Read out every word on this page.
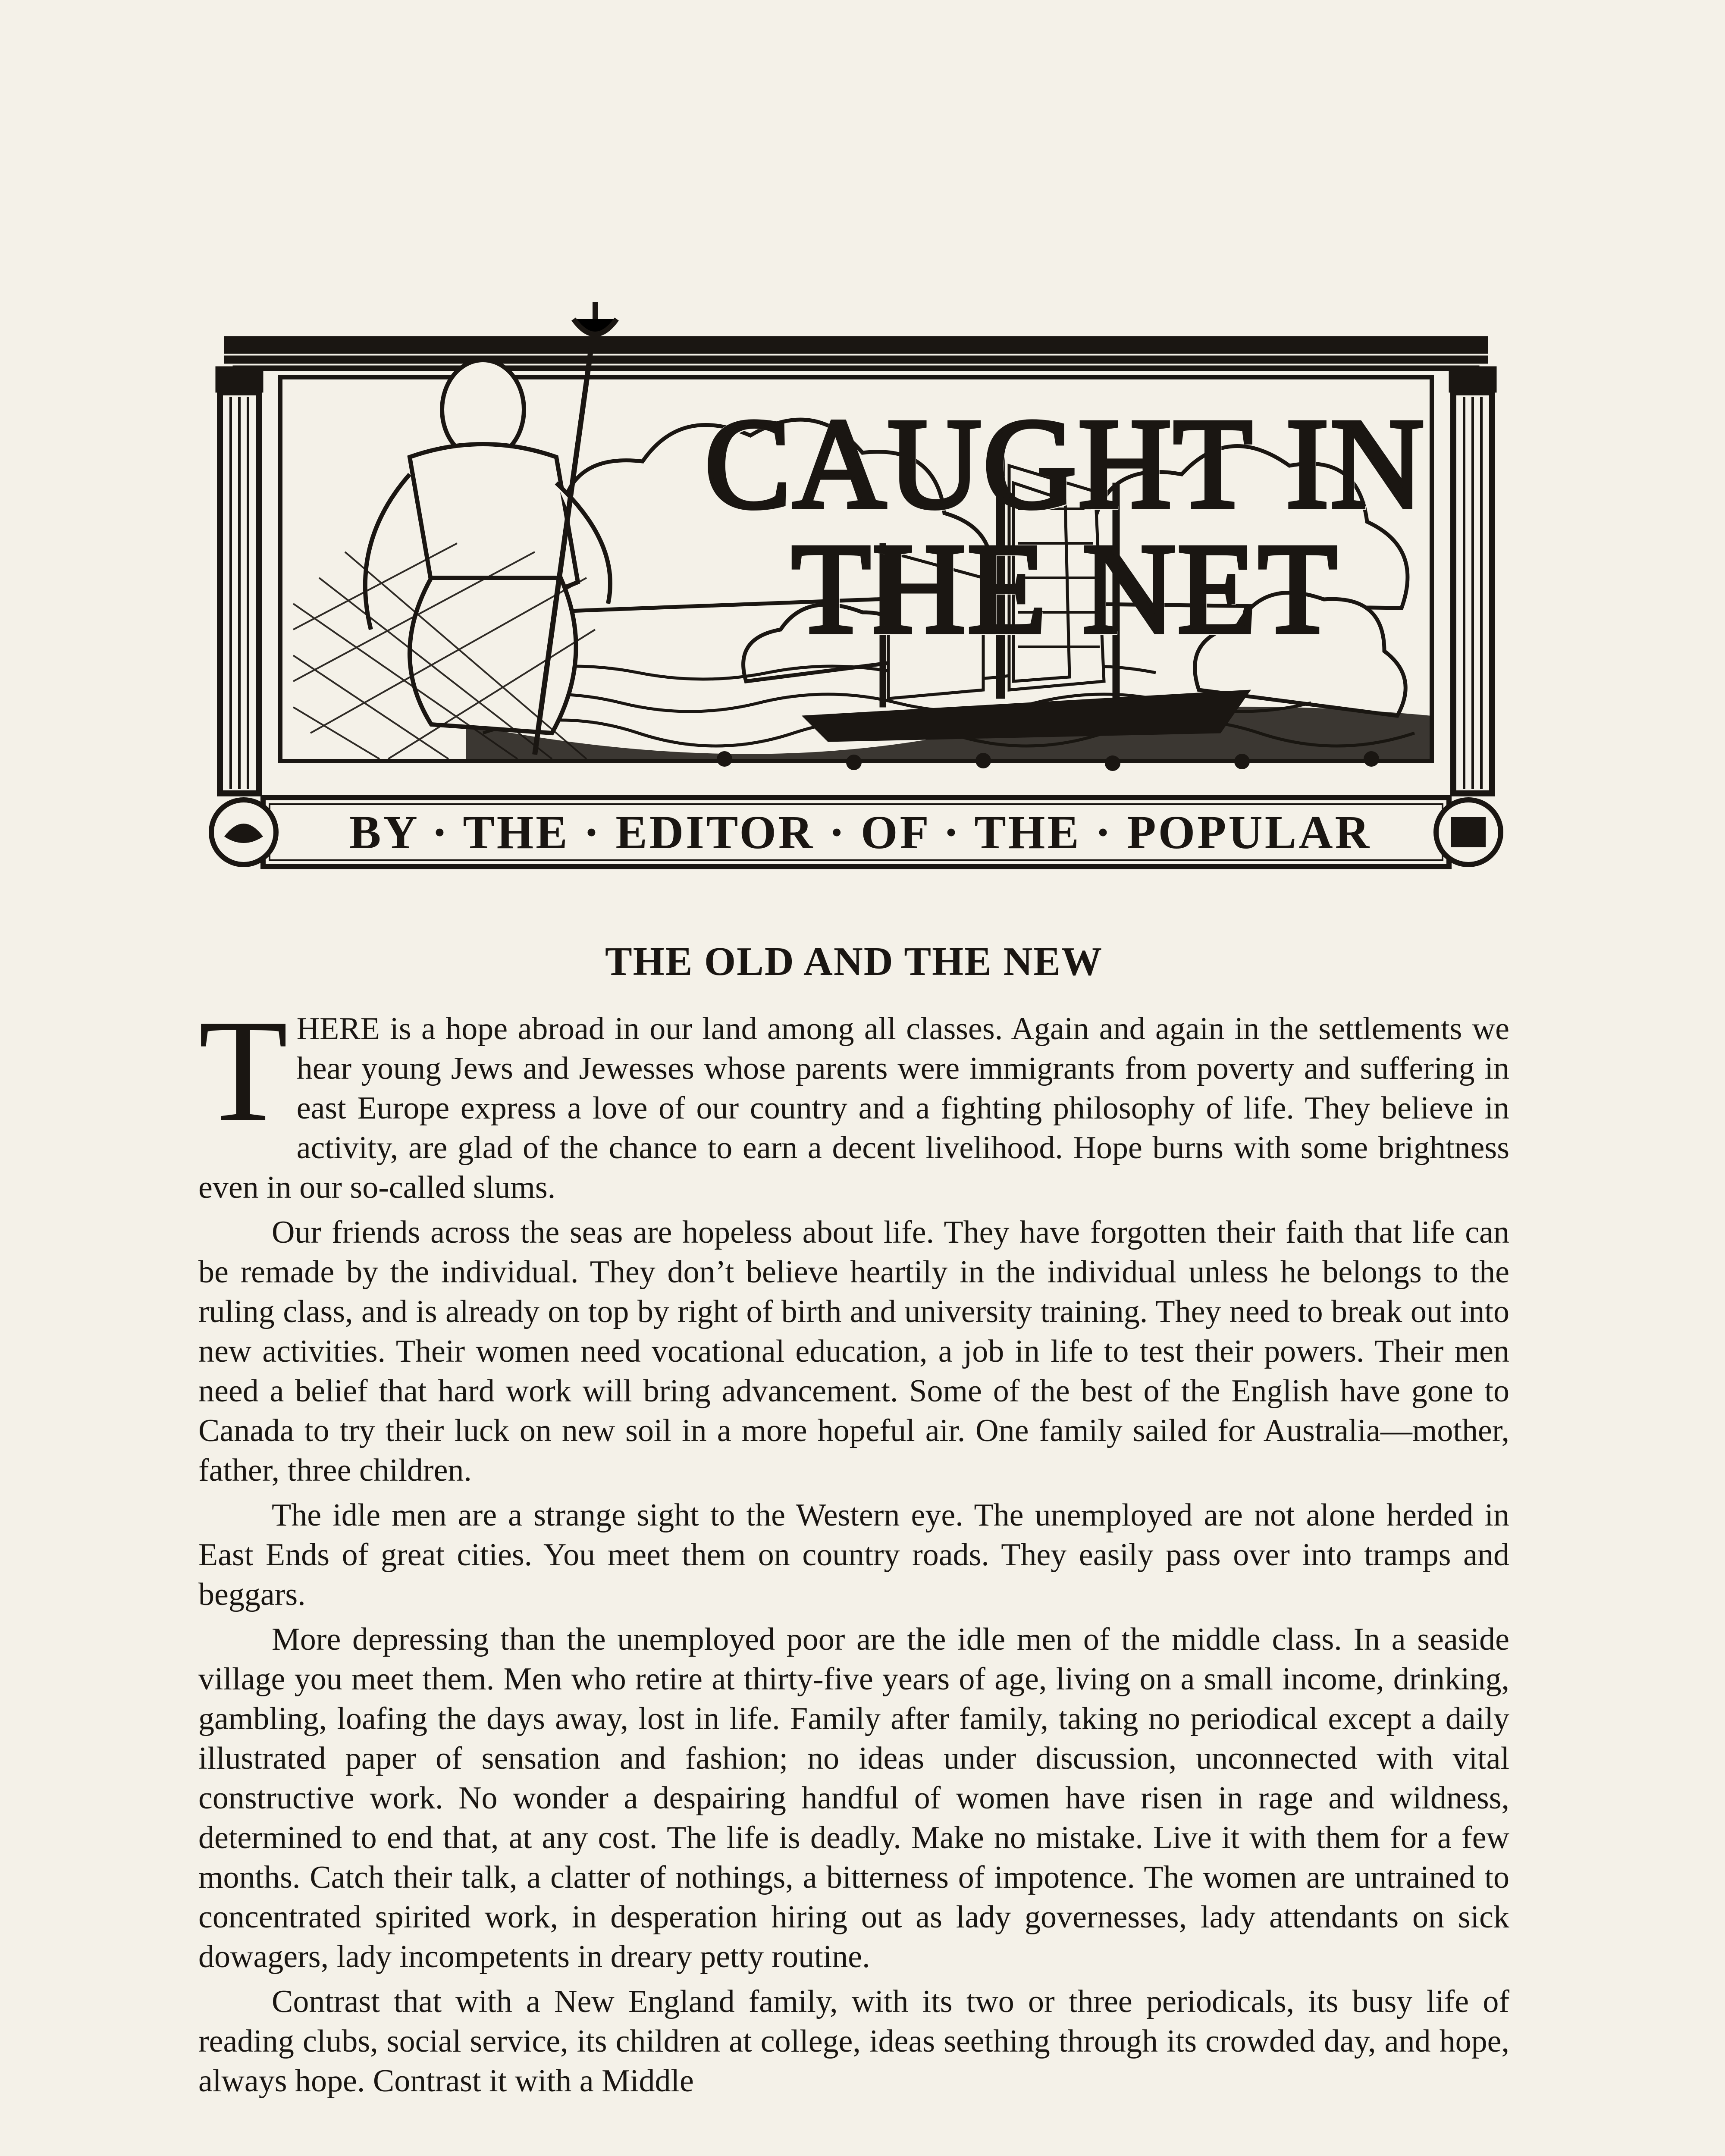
CAUGHT IN
THE NET
BY · THE · EDITOR · OF · THE · POPULAR
THE OLD AND THE NEW

THERE is a hope abroad in our land among all classes. Again and again in the settlements we hear young Jews and Jewesses whose parents were immigrants from poverty and suffering in east Europe express a love of our country and a fighting philosophy of life. They believe in activity, are glad of the chance to earn a decent livelihood. Hope burns with some brightness even in our so-called slums.

Our friends across the seas are hopeless about life. They have forgotten their faith that life can be remade by the individual. They don’t believe heartily in the individual unless he belongs to the ruling class, and is already on top by right of birth and university training. They need to break out into new activities. Their women need vocational education, a job in life to test their powers. Their men need a belief that hard work will bring advancement. Some of the best of the English have gone to Canada to try their luck on new soil in a more hopeful air. One family sailed for Australia—mother, father, three children.

The idle men are a strange sight to the Western eye. The unemployed are not alone herded in East Ends of great cities. You meet them on country roads. They easily pass over into tramps and beggars.

More depressing than the unemployed poor are the idle men of the middle class. In a seaside village you meet them. Men who retire at thirty-five years of age, living on a small income, drinking, gambling, loafing the days away, lost in life. Family after family, taking no periodical except a daily illustrated paper of sensation and fashion; no ideas under discussion, unconnected with vital constructive work. No wonder a despairing handful of women have risen in rage and wildness, determined to end that, at any cost. The life is deadly. Make no mistake. Live it with them for a few months. Catch their talk, a clatter of nothings, a bitterness of impotence. The women are untrained to concentrated spirited work, in desperation hiring out as lady governesses, lady attendants on sick dowagers, lady incompetents in dreary petty routine.

Contrast that with a New England family, with its two or three periodicals, its busy life of reading clubs, social service, its children at college, ideas seething through its crowded day, and hope, always hope. Contrast it with a Middle
